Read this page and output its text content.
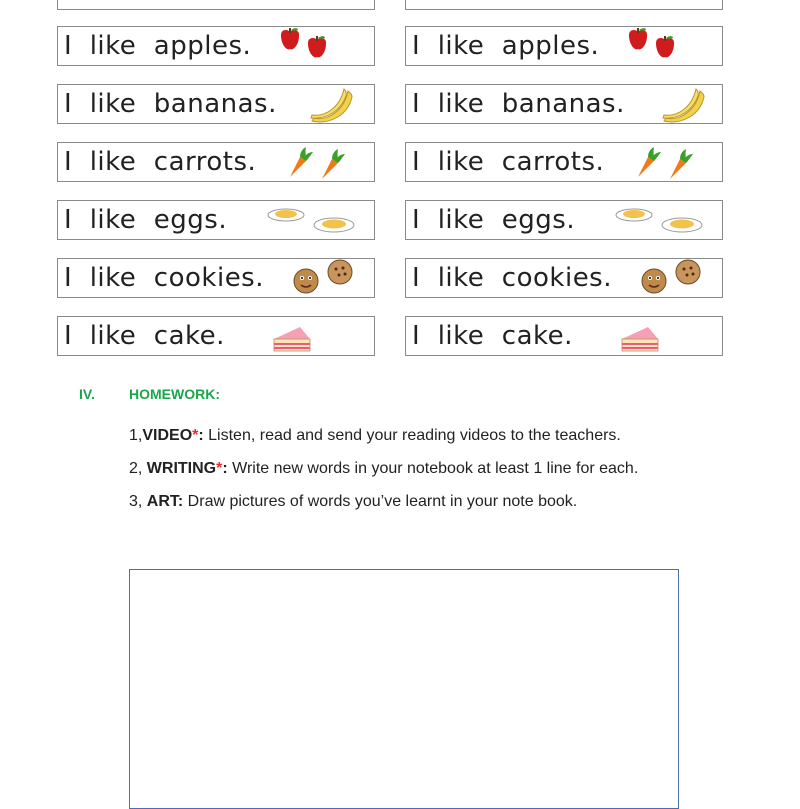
I  like  apples.
I  like  bananas.
I  like  carrots.
I  like  eggs.
I  like  cookies.
I  like  cake.
I  like  apples.
I  like  bananas.
I  like  carrots.
I  like  eggs.
I  like  cookies.
I  like  cake.
IV. HOMEWORK:
1,VIDEO*: Listen, read and send your reading videos to the teachers.
2, WRITING*: Write new words in your notebook at least 1 line for each.
3, ART: Draw pictures of words you’ve learnt in your note book.
